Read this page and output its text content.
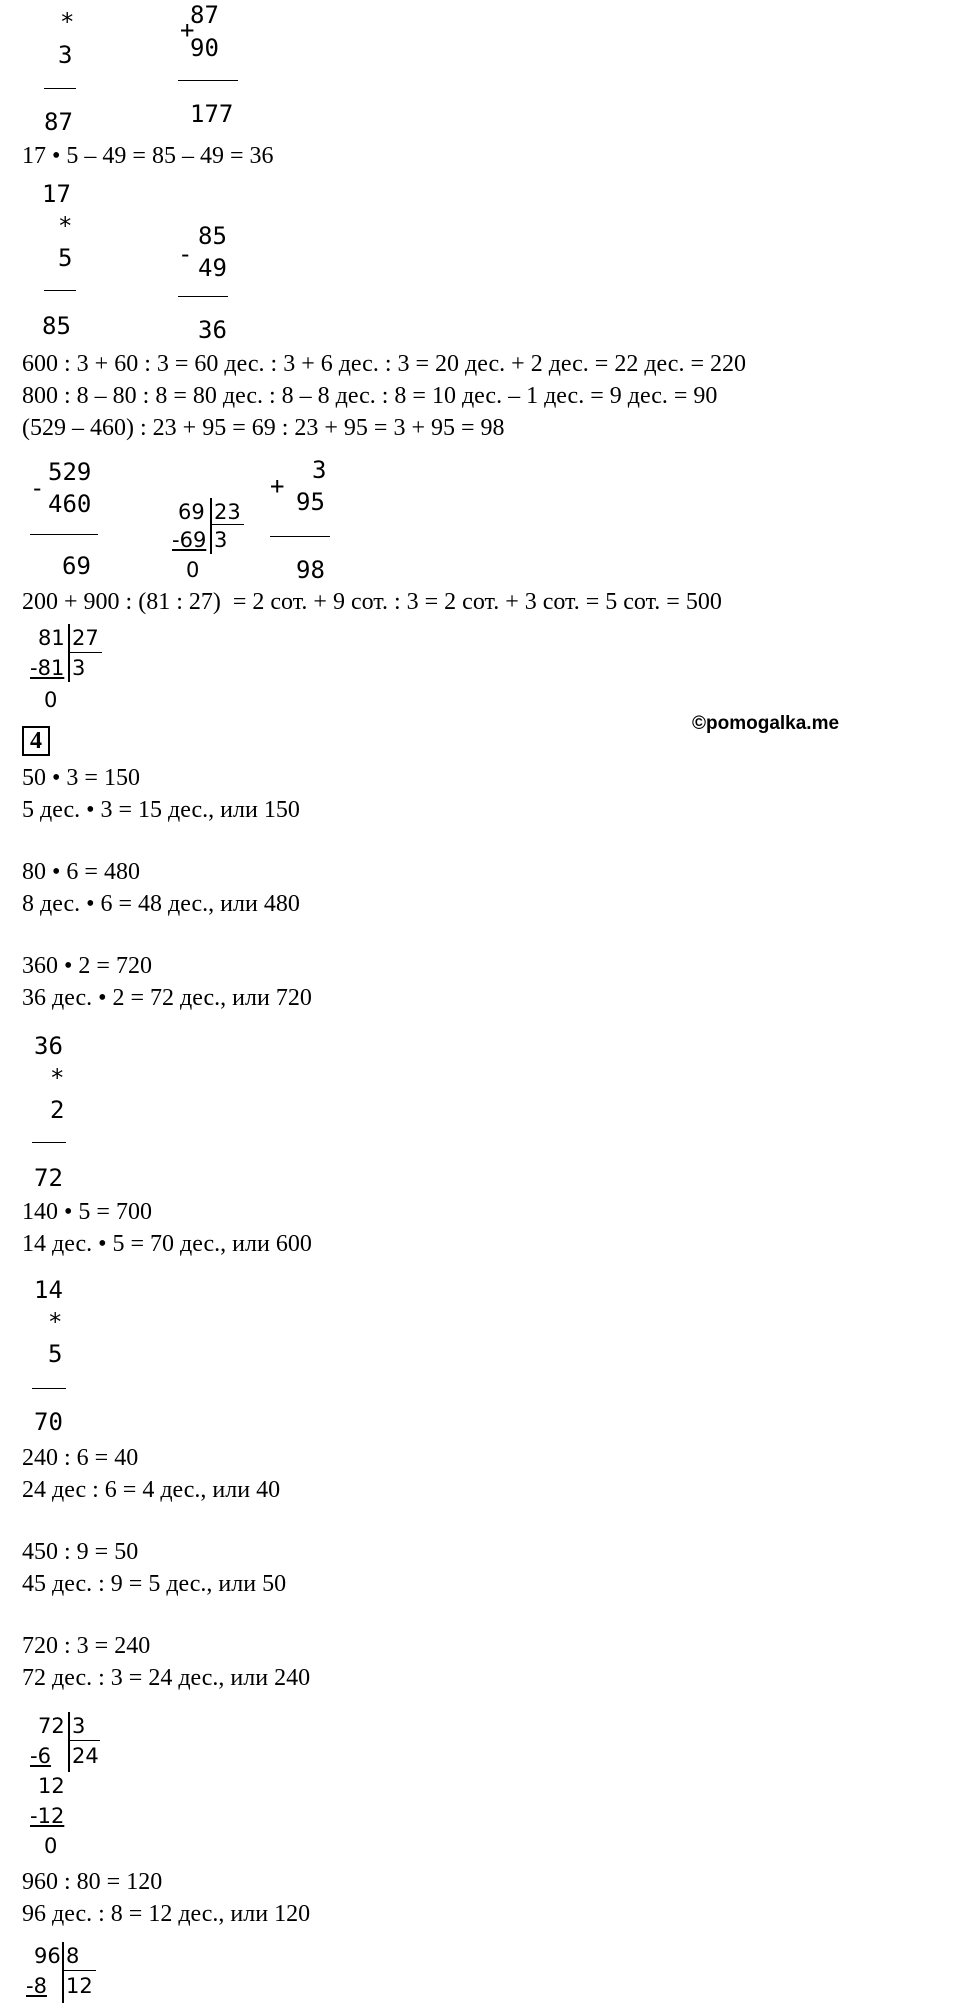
*
3
87
+
87
90
177
17 • 5 – 49 = 85 – 49 = 36
17
*
5
85
-
85
49
36
600 : 3 + 60 : 3 = 60 дес. : 3 + 6 дес. : 3 = 20 дес. + 2 дес. = 22 дес. = 220
800 : 8 – 80 : 8 = 80 дес. : 8 – 8 дес. : 8 = 10 дес. – 1 дес. = 9 дес. = 90
(529 – 460) : 23 + 95 = 69 : 23 + 95 = 3 + 95 = 98
-
529
460
69
69 23
-69 3
0
+
3
95
98
200 + 900 : (81 : 27)  = 2 сот. + 9 сот. : 3 = 2 сот. + 3 сот. = 5 сот. = 500
81 27
-81 3
0
4
©pomogalka.me
50 • 3 = 150
5 дес. • 3 = 15 дес., или 150
80 • 6 = 480
8 дес. • 6 = 48 дес., или 480
360 • 2 = 720
36 дес. • 2 = 72 дес., или 720
36
*
2
72
140 • 5 = 700
14 дес. • 5 = 70 дес., или 600
14
*
5
70
240 : 6 = 40
24 дес : 6 = 4 дес., или 40
450 : 9 = 50
45 дес. : 9 = 5 дес., или 50
720 : 3 = 240
72 дес. : 3 = 24 дес., или 240
72 3
-6 24
12
-12
0
960 : 80 = 120
96 дес. : 8 = 12 дес., или 120
96 8
-8 12
